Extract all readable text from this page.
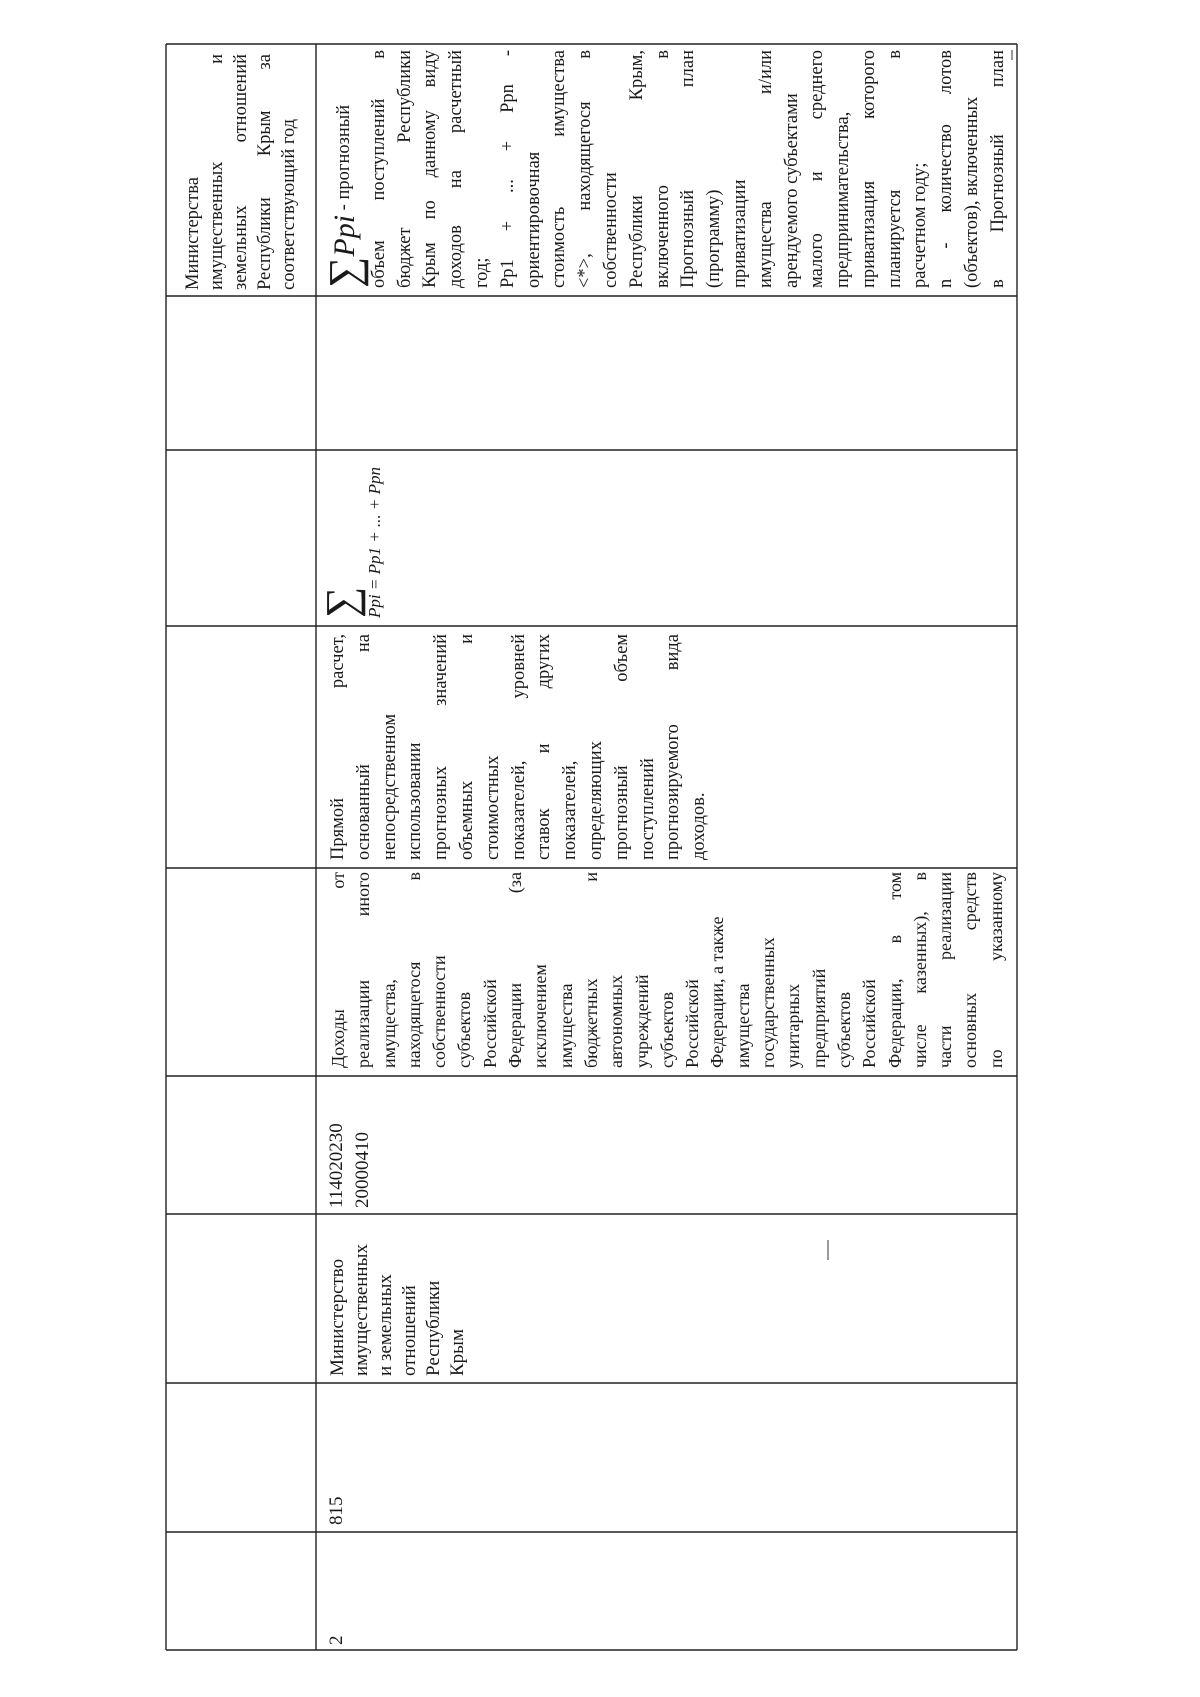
Министерства имущественных и земельных отношений Республики Крым за соответствующий год
2
815
Министерство имущественных и земельных отношений Республики Крым
114020230 20000410
Доходы от реализации иного имущества, находящегося в собственности субъектов Российской Федерации (за исключением имущества бюджетных и автономных учреждений субъектов Российской Федерации, а также имущества государственных унитарных предприятий субъектов Российской Федерации, в том числе казенных), в части реализации основных средств по указанному
Прямой расчет, основанный на непосредственном использовании прогнозных значений объемных и стоимостных показателей, уровней ставок и других показателей, определяющих прогнозный объем поступлений прогнозируемого вида доходов.
∑ Ppi = Pp1 + ... + Ppn
∑Ppi - прогнозный объем поступлений в бюджет Республики Крым по данному виду доходов на расчетный год; Pp1 + ... + Ppn - ориентировочная стоимость имущества <*>, находящегося в собственности Республики Крым, включенного в Прогнозный план (программу) приватизации имущества и/или арендуемого субъектами малого и среднего предпринимательства, приватизация которого планируется в расчетном году; n - количество лотов (объектов), включенных в Прогнозный план
